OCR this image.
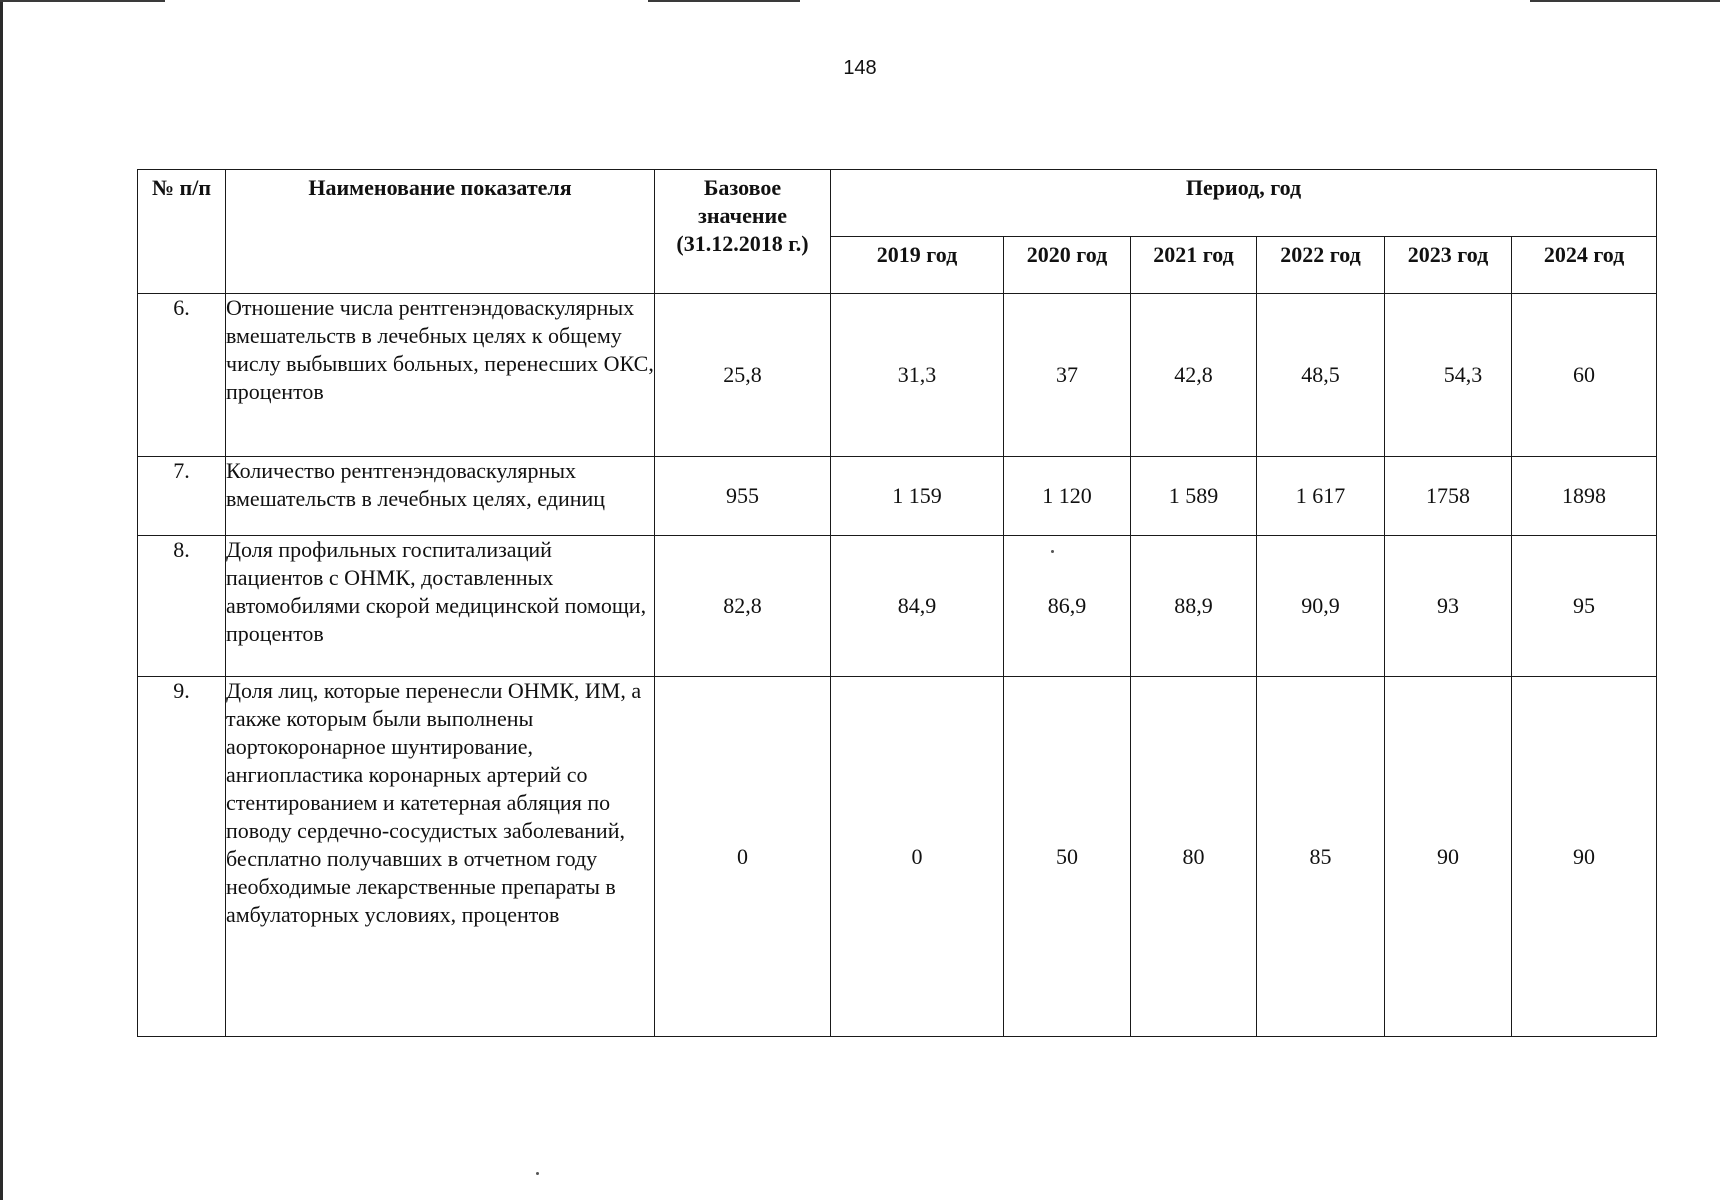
148
№ п/п	Наименование показателя	Базовое значение (31.12.2018 г.)	Период, год					
			2019 год	2020 год	2021 год	2022 год	2023 год	2024 год
6.	Отношение числа рентгенэндоваскулярных вмешательств в лечебных целях к общему числу выбывших больных, перенесших ОКС, процентов	25,8	31,3	37	42,8	48,5	54,3	60
7.	Количество рентгенэндоваскулярных вмешательств в лечебных целях, единиц	955	1 159	1 120	1 589	1 617	1758	1898
8.	Доля профильных госпитализаций пациентов с ОНМК, доставленных автомобилями скорой медицинской помощи, процентов	82,8	84,9	86,9	88,9	90,9	93	95
9.	Доля лиц, которые перенесли ОНМК, ИМ, а также которым были выполнены аортокоронарное шунтирование, ангиопластика коронарных артерий со стентированием и катетерная абляция по поводу сердечно-сосудистых заболеваний, бесплатно получавших в отчетном году необходимые лекарственные препараты в амбулаторных условиях, процентов	0	0	50	80	85	90	90
